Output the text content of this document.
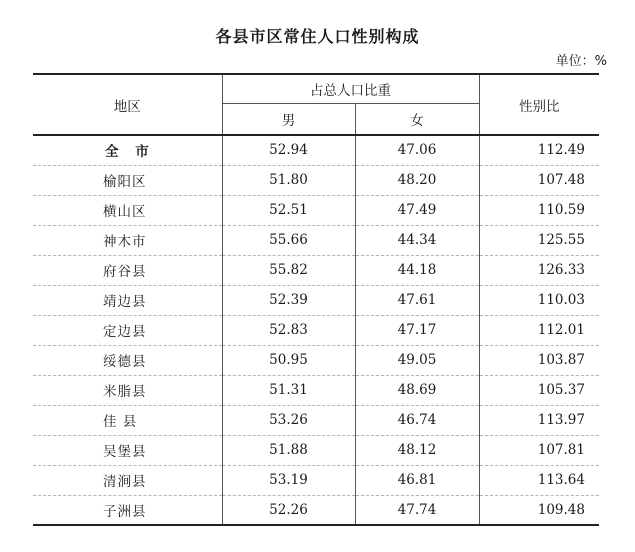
各县市区常住人口性别构成
单位：%
地区	占总人口比重		性别比
	男	女	
全 市	52.94	47.06	112.49
榆阳区	51.80	48.20	107.48
横山区	52.51	47.49	110.59
神木市	55.66	44.34	125.55
府谷县	55.82	44.18	126.33
靖边县	52.39	47.61	110.03
定边县	52.83	47.17	112.01
绥德县	50.95	49.05	103.87
米脂县	51.31	48.69	105.37
佳 县	53.26	46.74	113.97
吴堡县	51.88	48.12	107.81
清涧县	53.19	46.81	113.64
子洲县	52.26	47.74	109.48
